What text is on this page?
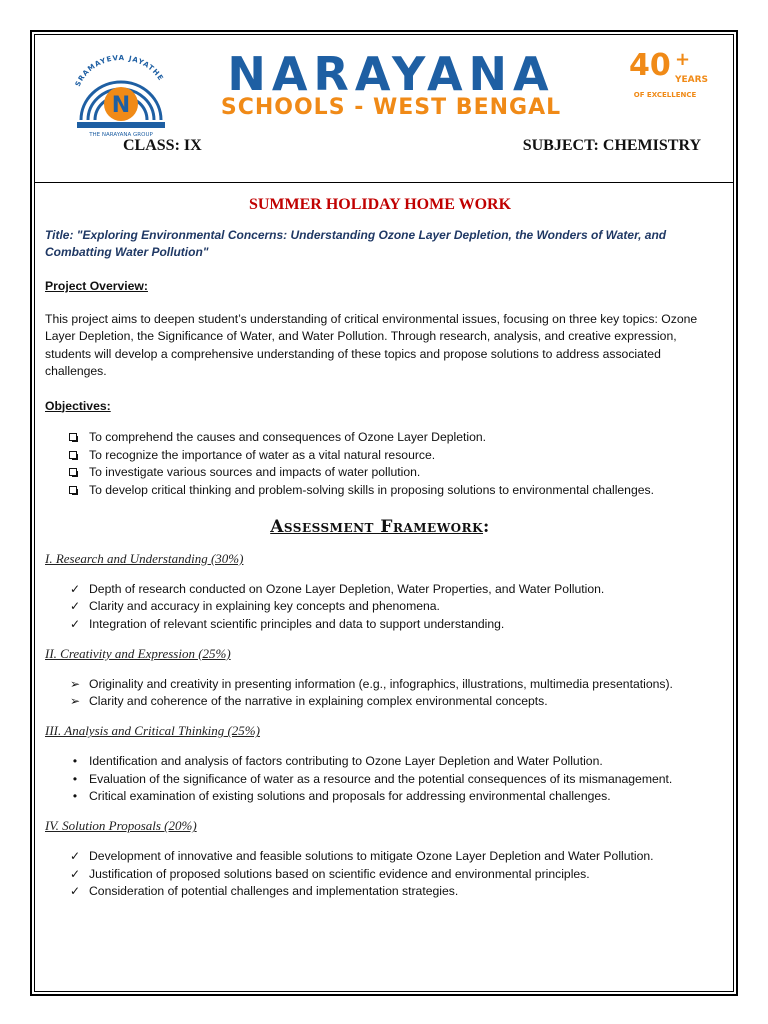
SRAMAYEVA JAYATHE
N
THE NARAYANA GROUP
NARAYANA
SCHOOLS - WEST BENGAL
40 +
YEARS
OF EXCELLENCE
CLASS: IX	SUBJECT: CHEMISTRY
SUMMER HOLIDAY HOME WORK
Title: "Exploring Environmental Concerns: Understanding Ozone Layer Depletion, the Wonders of Water, and Combatting Water Pollution"
Project Overview:
This project aims to deepen student’s understanding of critical environmental issues, focusing on three key topics: Ozone Layer Depletion, the Significance of Water, and Water Pollution. Through research, analysis, and creative expression, students will develop a comprehensive understanding of these topics and propose solutions to address associated challenges.
Objectives:
To comprehend the causes and consequences of Ozone Layer Depletion.
To recognize the importance of water as a vital natural resource.
To investigate various sources and impacts of water pollution.
To develop critical thinking and problem-solving skills in proposing solutions to environmental challenges.
Assessment Framework:
I. Research and Understanding (30%)
✓ Depth of research conducted on Ozone Layer Depletion, Water Properties, and Water Pollution.
✓ Clarity and accuracy in explaining key concepts and phenomena.
✓ Integration of relevant scientific principles and data to support understanding.
II. Creativity and Expression (25%)
➢ Originality and creativity in presenting information (e.g., infographics, illustrations, multimedia presentations).
➢ Clarity and coherence of the narrative in explaining complex environmental concepts.
III. Analysis and Critical Thinking (25%)
• Identification and analysis of factors contributing to Ozone Layer Depletion and Water Pollution.
• Evaluation of the significance of water as a resource and the potential consequences of its mismanagement.
• Critical examination of existing solutions and proposals for addressing environmental challenges.
IV. Solution Proposals (20%)
✓ Development of innovative and feasible solutions to mitigate Ozone Layer Depletion and Water Pollution.
✓ Justification of proposed solutions based on scientific evidence and environmental principles.
✓ Consideration of potential challenges and implementation strategies.
